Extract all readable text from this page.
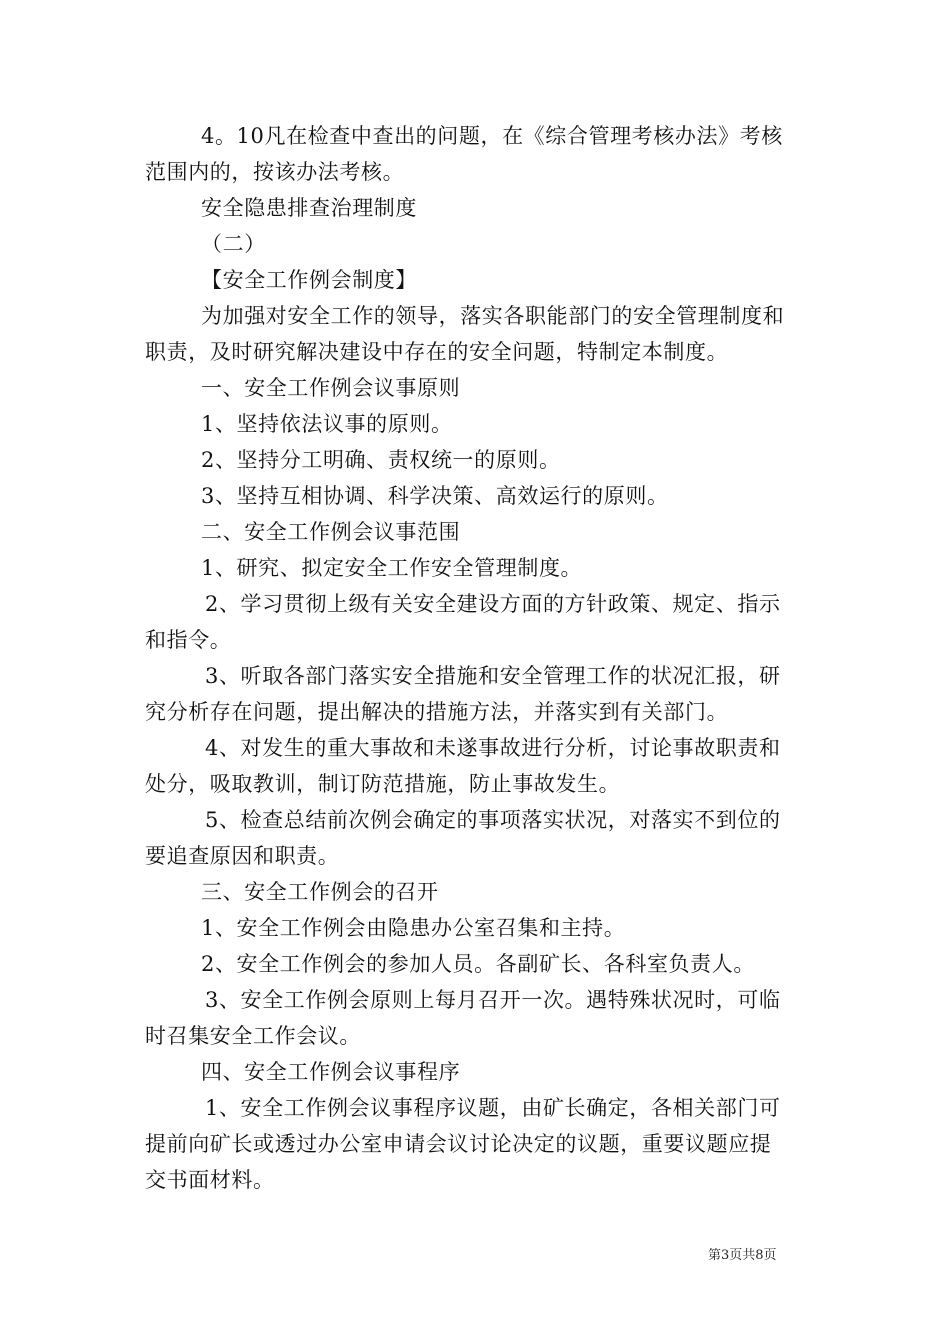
4。10凡在检查中查出的问题，在《综合管理考核办法》考核
范围内的，按该办法考核。
安全隐患排查治理制度
（二）
【安全工作例会制度】
为加强对安全工作的领导，落实各职能部门的安全管理制度和
职责，及时研究解决建设中存在的安全问题，特制定本制度。
一、安全工作例会议事原则
1、坚持依法议事的原则。
2、坚持分工明确、责权统一的原则。
3、坚持互相协调、科学决策、高效运行的原则。
二、安全工作例会议事范围
1、研究、拟定安全工作安全管理制度。
2、学习贯彻上级有关安全建设方面的方针政策、规定、指示
和指令。
3、听取各部门落实安全措施和安全管理工作的状况汇报，研
究分析存在问题，提出解决的措施方法，并落实到有关部门。
4、对发生的重大事故和未遂事故进行分析，讨论事故职责和
处分，吸取教训，制订防范措施，防止事故发生。
5、检查总结前次例会确定的事项落实状况，对落实不到位的
要追查原因和职责。
三、安全工作例会的召开
1、安全工作例会由隐患办公室召集和主持。
2、安全工作例会的参加人员。各副矿长、各科室负责人。
3、安全工作例会原则上每月召开一次。遇特殊状况时，可临
时召集安全工作会议。
四、安全工作例会议事程序
1、安全工作例会议事程序议题，由矿长确定，各相关部门可
提前向矿长或透过办公室申请会议讨论决定的议题，重要议题应提
交书面材料。
第3页共8页
